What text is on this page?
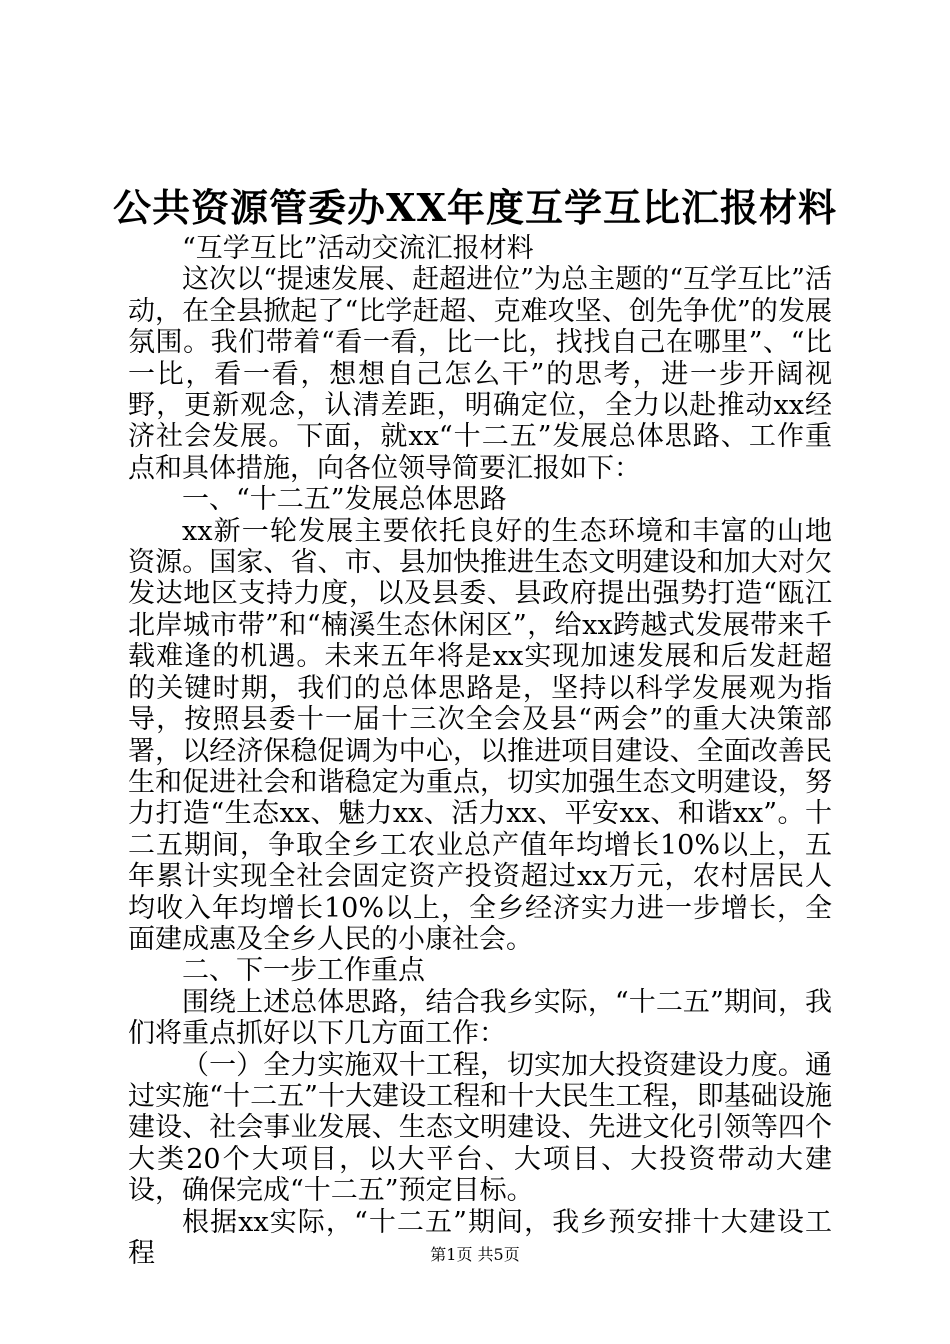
公共资源管委办XX年度互学互比汇报材料

“互学互比”活动交流汇报材料

这次以“提速发展、赶超进位”为总主题的“互学互比”活动，在全县掀起了“比学赶超、克难攻坚、创先争优”的发展氛围。我们带着“看一看，比一比，找找自己在哪里”、“比一比，看一看，想想自己怎么干”的思考，进一步开阔视野，更新观念，认清差距，明确定位，全力以赴推动xx经济社会发展。下面，就xx“十二五”发展总体思路、工作重点和具体措施，向各位领导简要汇报如下：

一、“十二五”发展总体思路

xx新一轮发展主要依托良好的生态环境和丰富的山地资源。国家、省、市、县加快推进生态文明建设和加大对欠发达地区支持力度，以及县委、县政府提出强势打造“瓯江北岸城市带”和“楠溪生态休闲区”，给xx跨越式发展带来千载难逢的机遇。未来五年将是xx实现加速发展和后发赶超的关键时期，我们的总体思路是，坚持以科学发展观为指导，按照县委十一届十三次全会及县“两会”的重大决策部署，以经济保稳促调为中心，以推进项目建设、全面改善民生和促进社会和谐稳定为重点，切实加强生态文明建设，努力打造“生态xx、魅力xx、活力xx、平安xx、和谐xx”。十二五期间，争取全乡工农业总产值年均增长10%以上，五年累计实现全社会固定资产投资超过xx万元，农村居民人均收入年均增长10%以上，全乡经济实力进一步增长，全面建成惠及全乡人民的小康社会。

二、下一步工作重点

围绕上述总体思路，结合我乡实际，“十二五”期间，我们将重点抓好以下几方面工作：

（一）全力实施双十工程，切实加大投资建设力度。通过实施“十二五”十大建设工程和十大民生工程，即基础设施建设、社会事业发展、生态文明建设、先进文化引领等四个大类20个大项目，以大平台、大项目、大投资带动大建设，确保完成“十二五”预定目标。

根据xx实际，“十二五”期间，我乡预安排十大建设工程	第1页 共5页
